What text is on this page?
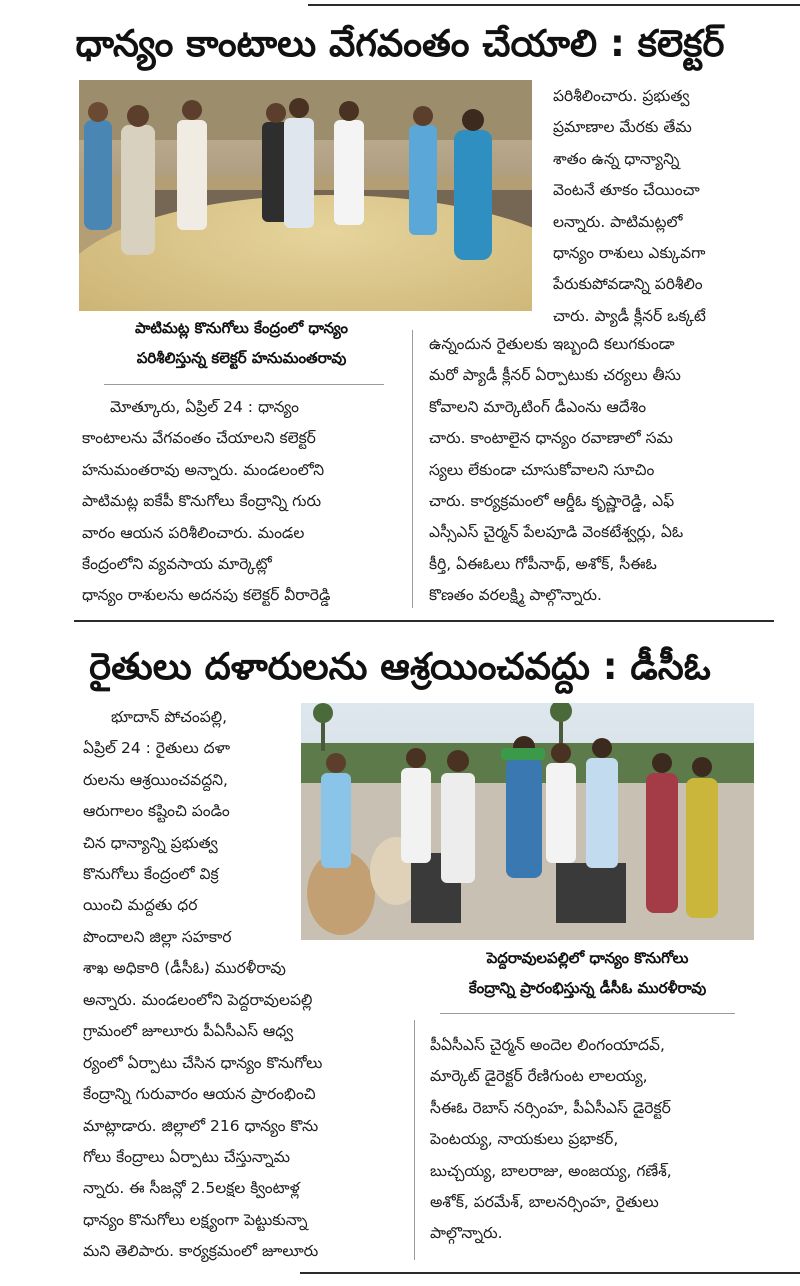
ధాన్యం కాంటాలు వేగవంతం చేయాలి : కలెక్టర్
పరిశీలించారు. ప్రభుత్వ
ప్రమాణాల మేరకు తేమ
శాతం ఉన్న ధాన్యాన్ని
వెంటనే తూకం చేయించా
లన్నారు. పాటిమట్లలో
ధాన్యం రాశులు ఎక్కువగా
పేరుకుపోవడాన్ని పరిశీలిం
చారు. ప్యాడీ క్లీనర్ ఒక్కటే
పాటిమట్ల కొనుగోలు కేంద్రంలో ధాన్యం
పరిశీలిస్తున్న కలెక్టర్ హనుమంతరావు
మోత్కూరు, ఏప్రిల్ 24 : ధాన్యం
కాంటాలను వేగవంతం చేయాలని కలెక్టర్
హనుమంతరావు అన్నారు. మండలంలోని
పాటిమట్ల ఐకేపీ కొనుగోలు కేంద్రాన్ని గురు
వారం ఆయన పరిశీలించారు. మండల
కేంద్రంలోని వ్యవసాయ మార్కెట్లో
ధాన్యం రాశులను అదనపు కలెక్టర్ వీరారెడ్డి
ఉన్నందున రైతులకు ఇబ్బంది కలుగకుండా
మరో ప్యాడీ క్లీనర్ ఏర్పాటుకు చర్యలు తీసు
కోవాలని మార్కెటింగ్ డీఎంను ఆదేశిం
చారు. కాంటాలైన ధాన్యం రవాణాలో సమ
స్యలు లేకుండా చూసుకోవాలని సూచిం
చారు. కార్యక్రమంలో ఆర్డీఓ కృష్ణారెడ్డి, ఎఫ్
ఎస్సీఎస్ చైర్మన్ పేలపూడి వెంకటేశ్వర్లు, ఏఓ
కీర్తి, ఏఈఓలు గోపీనాథ్, అశోక్, సీఈఓ
కొణతం వరలక్ష్మి పాల్గొన్నారు.
రైతులు దళారులను ఆశ్రయించవద్దు : డీసీఓ
భూదాన్ పోచంపల్లి,
ఏప్రిల్ 24 : రైతులు దళా
రులను ఆశ్రయించవద్దని,
ఆరుగాలం కష్టించి పండిం
చిన ధాన్యాన్ని ప్రభుత్వ
కొనుగోలు కేంద్రంలో విక్ర
యించి మద్దతు ధర
పొందాలని జిల్లా సహకార
శాఖ అధికారి (డీసీఓ) మురళీరావు
పెద్దరావులపల్లిలో ధాన్యం కొనుగోలు
కేంద్రాన్ని ప్రారంభిస్తున్న డీసీఓ మురళీరావు
అన్నారు. మండలంలోని పెద్దరావులపల్లి
గ్రామంలో జూలూరు పీఏసీఎస్ ఆధ్వ
ర్యంలో ఏర్పాటు చేసిన ధాన్యం కొనుగోలు
కేంద్రాన్ని గురువారం ఆయన ప్రారంభించి
మాట్లాడారు. జిల్లాలో 216 ధాన్యం కొను
గోలు కేంద్రాలు ఏర్పాటు చేస్తున్నామ
న్నారు. ఈ సీజన్లో 2.5లక్షల క్వింటాళ్ల
ధాన్యం కొనుగోలు లక్ష్యంగా పెట్టుకున్నా
మని తెలిపారు. కార్యక్రమంలో జూలూరు
పీఏసీఎస్ చైర్మన్ అందెల లింగంయాదవ్,
మార్కెట్ డైరెక్టర్ రేణిగుంట లాలయ్య,
సీఈఓ రెబాస్ నర్సింహ, పీఏసీఎస్ డైరెక్టర్
పెంటయ్య, నాయకులు ప్రభాకర్,
బుచ్చయ్య, బాలరాజు, అంజయ్య, గణేశ్,
అశోక్, పరమేశ్, బాలనర్సింహ, రైతులు
పాల్గొన్నారు.
